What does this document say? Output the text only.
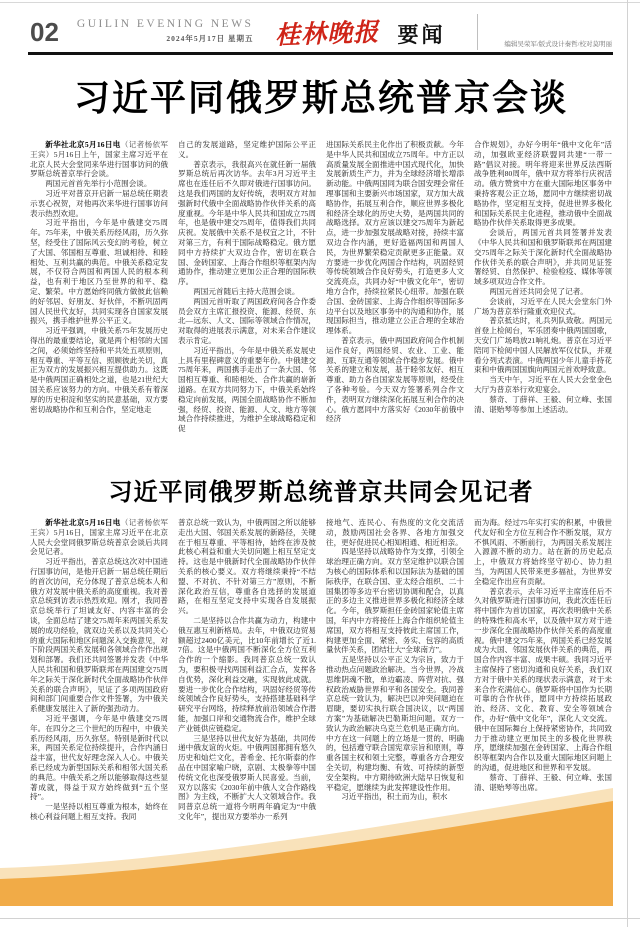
02 GUILIN EVENING NEWS
2024年5月17日 星期五 桂林晚报 要闻	编辑吴荣军/版式设计秦哲/校对莫明丽
习近平同俄罗斯总统普京会谈

新华社北京5月16日电（记者杨依军 王宾）5月16日上午，国家主席习近平在北京人民大会堂同来华进行国事访问的俄罗斯总统普京举行会谈。

两国元首首先举行小范围会谈。

习近平对普京开启新一届总统任期表示衷心祝贺，对他再次来华进行国事访问表示热烈欢迎。

习近平指出，今年是中俄建交75周年。75年来，中俄关系历经风雨，历久弥坚，经受住了国际风云变幻的考验，树立了大国、邻国相互尊重、坦诚相待、和睦相处、互利共赢的典范。中俄关系稳定发展，不仅符合两国和两国人民的根本利益，也有利于地区乃至世界的和平、稳定、繁荣。中方愿始终同俄方做彼此信赖的好邻居、好朋友、好伙伴，不断巩固两国人民世代友好，共同实现各自国家发展振兴，携手维护世界公平正义。

习近平强调，中俄关系75年发展历史得出的最重要结论，就是两个相邻的大国之间，必须始终坚持和平共处五项原则，相互尊重、平等互信、照顾彼此关切，真正为双方的发展振兴相互提供助力。这既是中俄两国正确相处之道，也是21世纪大国关系应该努力的方向。中俄关系有着深厚的历史积淀和坚实的民意基础，双方要密切战略协作和互利合作，坚定地走

自己的发展道路，坚定维护国际公平正义。

普京表示，我很高兴在就任新一届俄罗斯总统后再次访华。去年3月习近平主席也在连任后不久即对俄进行国事访问。这是我们两国的友好传统，表明双方对加强新时代俄中全面战略协作伙伴关系的高度重视。今年是中华人民共和国成立75周年，也是俄中建交75周年，值得我们共同庆祝。发展俄中关系不是权宜之计，不针对第三方，有利于国际战略稳定。俄方愿同中方持续扩大双边合作，密切在联合国、金砖国家、上海合作组织等框架内沟通协作，推动建立更加公正合理的国际秩序。

两国元首随后主持大范围会谈。

两国元首听取了两国政府间各合作委员会双方主席汇报投资、能源、经贸、东北—远东、人文、国际等领域合作情况，对取得的进展表示满意，对未来合作建议表示肯定。

习近平指出，今年是中俄关系发展史上具有里程碑意义的重要年份。中俄建交75周年来，两国携手走出了一条大国、邻国相互尊重、和睦相处、合作共赢的崭新道路。在双方共同努力下，中俄关系始终稳定向前发展，两国全面战略协作不断加强，经贸、投资、能源、人文、地方等领域合作持续推进，为维护全球战略稳定和促

进国际关系民主化作出了积极贡献。今年是中华人民共和国成立75周年。中方正以高质量发展全面推进中国式现代化，加快发展新质生产力，并为全球经济增长增添新动能。中俄两国同为联合国安理会常任理事国和主要新兴市场国家，双方加大战略协作，拓展互利合作，顺应世界多极化和经济全球化的历史大势，是两国共同的战略选择。双方应该以建交75周年为新起点，进一步加强发展战略对接，持续丰富双边合作内涵，更好造福两国和两国人民，为世界繁荣稳定贡献更多正能量。双方要进一步优化两国合作结构，巩固经贸等传统领域合作良好势头，打造更多人文交流亮点，共同办好“中俄文化年”，密切地方合作，持续拉紧民心纽带。加强在联合国、金砖国家、上海合作组织等国际多边平台以及地区事务中的沟通和协作，展现国际担当，推动建立公正合理的全球治理体系。

普京表示，俄中两国政府间合作机制运作良好，两国经贸、农业、工业、能源、互联互通等领域合作稳步发展。俄中关系的建立和发展，基于睦邻友好、相互尊重、助力各自国家发展等原则，经受住了各种考验。今天双方签署系列合作文件，表明双方继续深化拓展互利合作的决心。俄方愿同中方落实好《2030年前俄中经济

合作规划》，办好今明年“俄中文化年”活动，加强欧亚经济联盟同共建“一带一路”倡议对接。明年将迎来世界反法西斯战争胜利80周年，俄中双方将举行庆祝活动。俄方赞赏中方在重大国际地区事务中秉持客观公正立场，愿同中方继续密切战略协作，坚定相互支持，促进世界多极化和国际关系民主化进程，推动俄中全面战略协作伙伴关系取得更多成果。

会谈后，两国元首共同签署并发表《中华人民共和国和俄罗斯联邦在两国建交75周年之际关于深化新时代全面战略协作伙伴关系的联合声明》，并共同见证签署经贸、自然保护、检验检疫、媒体等领域多项双边合作文件。

两国元首还共同会见了记者。

会谈前，习近平在人民大会堂东门外广场为普京举行隆重欢迎仪式。

普京抵达时，礼兵列队致敬。两国元首登上检阅台，军乐团奏中俄两国国歌，天安门广场鸣放21响礼炮。普京在习近平陪同下检阅中国人民解放军仪仗队，并观看分列式表演。中俄两国少年儿童手持花束和中俄两国国旗向两国元首欢呼致意。

当天中午，习近平在人民大会堂金色大厅为普京举行欢迎宴会。

蔡奇、丁薛祥、王毅、何立峰、张国清、谌贻琴等参加上述活动。

习近平同俄罗斯总统普京共同会见记者

新华社北京5月16日电（记者杨依军 王宾）5月16日，国家主席习近平在北京人民大会堂同俄罗斯总统普京会谈后共同会见记者。

习近平指出，普京总统这次对中国进行国事访问，是他开启新一届总统任期后的首次访问，充分体现了普京总统本人和俄方对发展中俄关系的高度重视。我对普京总统到访表示热烈欢迎。刚才，我同普京总统举行了坦诚友好、内容丰富的会谈，全面总结了建交75周年来两国关系发展的成功经验，就双边关系以及共同关心的重大国际和地区问题深入交换意见，对下阶段两国关系发展和各领域合作作出规划和部署。我们还共同签署并发表《中华人民共和国和俄罗斯联邦在两国建交75周年之际关于深化新时代全面战略协作伙伴关系的联合声明》，见证了多项两国政府间和部门间重要合作文件签署，为中俄关系健康发展注入了新的强劲动力。

习近平强调，今年是中俄建交75周年。在四分之三个世纪的历程中，中俄关系历经风雨，历久弥坚。特别是新时代以来，两国关系定位持续提升，合作内涵日益丰富，世代友好理念深入人心。中俄关系已经成为新型国际关系和相邻大国关系的典范。中俄关系之所以能够取得这些显著成就，得益于双方始终做到“五个坚持”。

一是坚持以相互尊重为根本，始终在核心利益问题上相互支持。我同

普京总统一致认为，中俄两国之所以能够走出大国、邻国关系发展的新路径，关键在于相互尊重、平等相待，始终在涉及彼此核心利益和重大关切问题上相互坚定支持。这也是中俄新时代全面战略协作伙伴关系的核心要义。双方将继续秉持“不结盟、不对抗、不针对第三方”原则，不断深化政治互信，尊重各自选择的发展道路，在相互坚定支持中实现各自发展振兴。

二是坚持以合作共赢为动力，构建中俄互惠互利新格局。去年，中俄双边贸易额超过2400亿美元，比10年前增长了近1.7倍。这是中俄两国不断深化全方位互利合作的一个缩影。我同普京总统一致认为，要积极寻找两国利益汇合点，发挥各自优势，深化利益交融，实现彼此成就。要进一步优化合作结构，巩固好经贸等传统领域合作良好势头，支持搭建基础科学研究平台网络，持续释放前沿领域合作潜能，加强口岸和交通物流合作，维护全球产业链供应链稳定。

三是坚持以世代友好为基础，共同传递中俄友谊的火炬。中俄两国都拥有悠久历史和灿烂文化，普希金、托尔斯泰的作品在中国家喻户晓，京剧、太极拳等中国传统文化也深受俄罗斯人民喜爱。当前，双方以落实《2030年前中俄人文合作路线图》为主线，不断扩大人文领域合作。我同普京总统一道将今明两年确定为“中俄文化年”，提出双方要举办一系列

接地气、连民心、有热度的文化交流活动，鼓励两国社会各界、各地方加强交往，更好促进民心相知相通、相近相亲。

四是坚持以战略协作为支撑，引领全球治理正确方向。双方坚定维护以联合国为核心的国际体系和以国际法为基础的国际秩序，在联合国、亚太经合组织、二十国集团等多边平台密切协调和配合，以真正的多边主义推进世界多极化和经济全球化。今年，俄罗斯担任金砖国家轮值主席国，年内中方将接任上海合作组织轮值主席国，双方将相互支持彼此主席国工作，构建更加全面、紧密、务实、包容的高质量伙伴关系，团结壮大“全球南方”。

五是坚持以公平正义为宗旨，致力于推动热点问题政治解决。当今世界，冷战思维阴魂不散，单边霸凌、阵营对抗、强权政治威胁世界和平和各国安全。我同普京总统一致认为，解决巴以冲突问题迫在眉睫，要切实执行联合国决议，以“两国方案”为基础解决巴勒斯坦问题。双方一致认为政治解决乌克兰危机是正确方向。中方在这一问题上的立场是一贯的、明确的，包括遵守联合国宪章宗旨和原则，尊重各国主权和领土完整，尊重各方合理安全关切，构建均衡、有效、可持续的新型安全架构。中方期待欧洲大陆早日恢复和平稳定，愿继续为此发挥建设性作用。

习近平指出，积土而为山，积水

而为海。经过75年实打实的积累，中俄世代友好和全方位互利合作不断发展，双方不惧风雨、不断前行，为两国关系发展注入源源不断的动力。站在新的历史起点上，中俄双方将始终坚守初心、协力担当，为两国人民带来更多福祉，为世界安全稳定作出应有贡献。

普京表示，去年习近平主席连任后不久对俄罗斯进行国事访问，我此次连任后将中国作为首访国家，再次表明俄中关系的特殊性和高水平，以及俄中双方对于进一步深化全面战略协作伙伴关系的高度重视。俄中建交75年来，两国关系已经发展成为大国、邻国发展伙伴关系的典范，两国合作内容丰富、成果丰硕。我同习近平主席保持了密切沟通和良好关系，我们双方对于俄中关系的现状表示满意，对于未来合作充满信心。俄罗斯将中国作为长期可靠的合作伙伴，愿同中方持续拓展政治、经济、文化、教育、安全等领域合作，办好“俄中文化年”，深化人文交流。俄中在国际舞台上保持紧密协作，共同致力于推动建立更加民主的多极化世界秩序，愿继续加强在金砖国家、上海合作组织等框架内合作以及重大国际地区问题上的沟通，促进地区和世界和平发展。

蔡奇、丁薛祥、王毅、何立峰、张国清、谌贻琴等出席。
